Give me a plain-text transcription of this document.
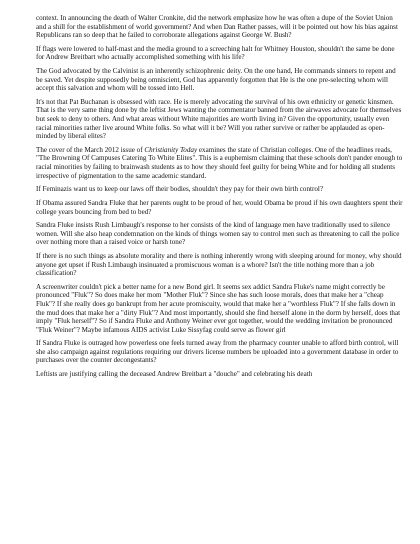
context. In announcing the death of Walter Cronkite, did the network emphasize how he was often a dupe of the Soviet Union and a shill for the establishment of world government? And when Dan Rather passes, will it be pointed out how his bias against Republicans ran so deep that he failed to corroborate allegations against George W. Bush?

If flags were lowered to half-mast and the media ground to a screeching halt for Whitney Houston, shouldn't the same be done for Andrew Breitbart who actually accomplished something with his life?

The God advocated by the Calvinist is an inherently schizophrenic deity. On the one hand, He commands sinners to repent and be saved. Yet despite supposedly being omniscient, God has apparently forgotten that He is the one pre-selecting whom will accept this salvation and whom will be tossed into Hell.

It's not that Pat Buchanan is obsessed with race. He is merely advocating the survival of his own ethnicity or genetic kinsmen. That is the very same thing done by the leftist Jews wanting the commentator banned from the airwaves advocate for themselves but seek to deny to others. And what areas without White majorities are worth living in? Given the opportunity, usually even racial minorities rather live around White folks. So what will it be? Will you rather survive or rather be applauded as open-minded by liberal elites?

The cover of the March 2012 issue of Christianity Today examines the state of Christian colleges. One of the headlines reads, "The Browning Of Campuses Catering To White Elites". This is a euphemism claiming that these schools don't pander enough to racial minorities by failing to brainwash students as to how they should feel guilty for being White and for holding all students irrespective of pigmentation to the same academic standard.

If Feminazis want us to keep our laws off their bodies, shouldn't they pay for their own birth control?

If Obama assured Sandra Fluke that her parents ought to be proud of her, would Obama be proud if his own daughters spent their college years bouncing from bed to bed?

Sandra Fluke insists Rush Limbaugh's response to her consists of the kind of language men have traditionally used to silence women. Will she also heap condemnation on the kinds of things women say to control men such as threatening to call the police over nothing more than a raised voice or harsh tone?

If there is no such things as absolute morality and there is nothing inherently wrong with sleeping around for money, why should anyone get upset if Rush Limbaugh insinuated a promiscuous woman is a whore? Isn't the title nothing more than a job classification?

A screenwriter couldn't pick a better name for a new Bond girl. It seems sex addict Sandra Fluke's name might correctly be pronounced "Fluk"? So does make her mom "Mother Fluk"? Since she has such loose morals, does that make her a "cheap Fluk"? If she really does go bankrupt from her acute promiscuity, would that make her a "worthless Fluk"? If she falls down in the mud does that make her a "dirty Fluk"? And most importantly, should she find herself alone in the dorm by herself, does that imply "Fluk herself"? So if Sandra Fluke and Anthony Weiner ever got together, would the wedding invitation be pronounced "Fluk Weiner"? Maybe infamous AIDS activist Luke Sissyfag could serve as flower girl

If Sandra Fluke is outraged how powerless one feels turned away from the pharmacy counter unable to afford birth control, will she also campaign against regulations requiring our drivers license numbers be uploaded into a government database in order to purchases over the counter decongestants?

Leftists are justifying calling the deceased Andrew Breitbart a "douche" and celebrating his death
